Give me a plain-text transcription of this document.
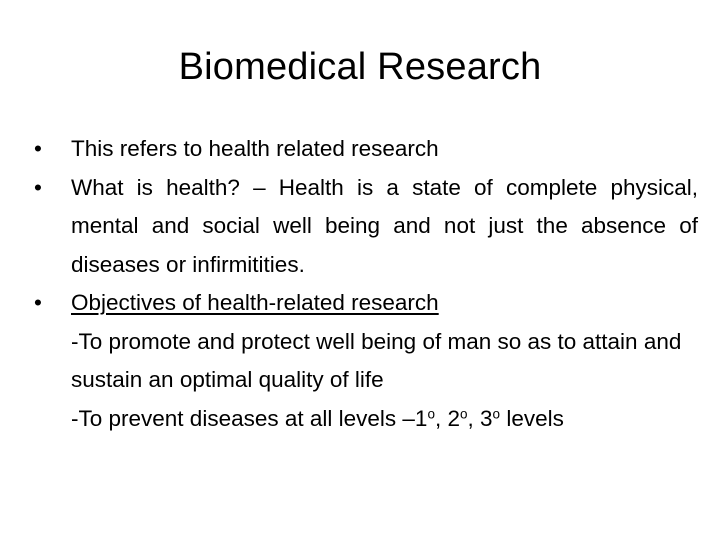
Biomedical Research
•	This refers to health related research
•	What is health? – Health is a state of complete physical, mental and social well being and not just the absence of diseases or infirmitities.
•	Objectives of health-related research
-To promote and protect well being of man so as to attain and sustain an optimal quality of life
-To prevent diseases at all levels –1$^o$, 2$^o$, 3$^o$ levels
